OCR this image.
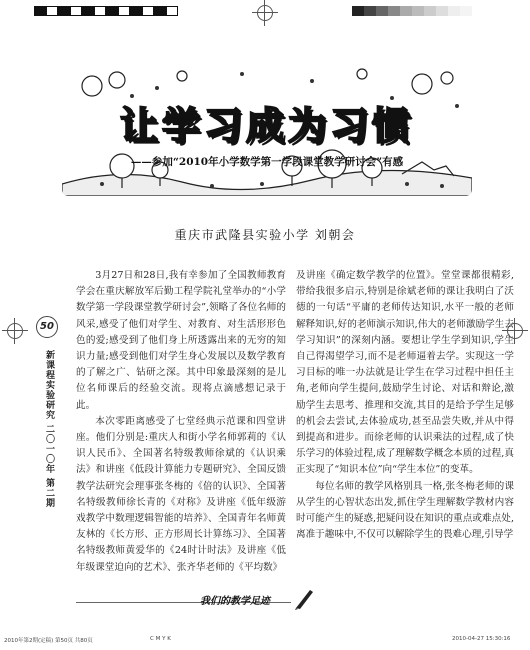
让学习成为习惯
——参加“2010年小学数学第一学段课堂教学研讨会”有感
重庆市武隆县实验小学 刘朝会
50
新课程实验研究 二〇一〇年 第二期

3月27日和28日,我有幸参加了全国教师教育学会在重庆解放军后勤工程学院礼堂举办的“小学数学第一学段课堂教学研讨会”,领略了各位名师的风采,感受了他们对学生、对教育、对生活形形色色的爱;感受到了他们身上所透露出来的无穷的知识力量;感受到他们对学生身心发展以及数学教育的了解之广、钻研之深。其中印象最深刻的是儿位名师课后的经验交流。现将点滴感想记录于此。

本次零距离感受了七堂经典示范课和四堂讲座。他们分别是:重庆人和街小学名师郭莉的《认识人民币》、全国著名特级教师徐斌的《认识乘法》和讲座《低段计算能力专题研究》、全国反馈教学法研究会理事张冬梅的《倍的认识》、全国著名特级教师徐长青的《对称》及讲座《低年级游戏教学中数理逻辑智能的培养》、全国青年名师黄友林的《长方形、正方形周长计算练习》、全国著名特级教师黄爱华的《24时计时法》及讲座《低年级课堂迫向的艺术》、张齐华老师的《平均数》

及讲座《确定数学教学的位置》。堂堂课都很精彩,带给我很多启示,特别是徐斌老师的课让我明白了沃德的一句话“平庸的老师传达知识,水平一般的老师解释知识,好的老师演示知识,伟大的老师激励学生去学习知识”的深刻内涵。要想让学生学到知识,学生自己得渴望学习,而不是老师逼着去学。实现这一学习目标的唯一办法就是让学生在学习过程中担任主角,老师向学生提问,鼓励学生讨论、对话和辩论,激励学生去思考、推理和交流,其目的是给予学生足够的机会去尝试,去体验成功,甚至品尝失败,并从中得到提高和进步。而徐老师的认识乘法的过程,成了快乐学习的体验过程,成了理解数学概念本质的过程,真正实现了“知识本位”向“学生本位”的变革。

每位名师的教学风格别具一格,张冬梅老师的课从学生的心智状态出发,抓住学生理解数学教材内容时可能产生的疑惑,把疑问设在知识的重点或难点处,离准于趣味中,不仅可以解除学生的畏难心理,引导学

我们的教学足迹
2010年第2期(定稿) 第50页 共80页	C M Y K	2010-04-27 15:30:16
